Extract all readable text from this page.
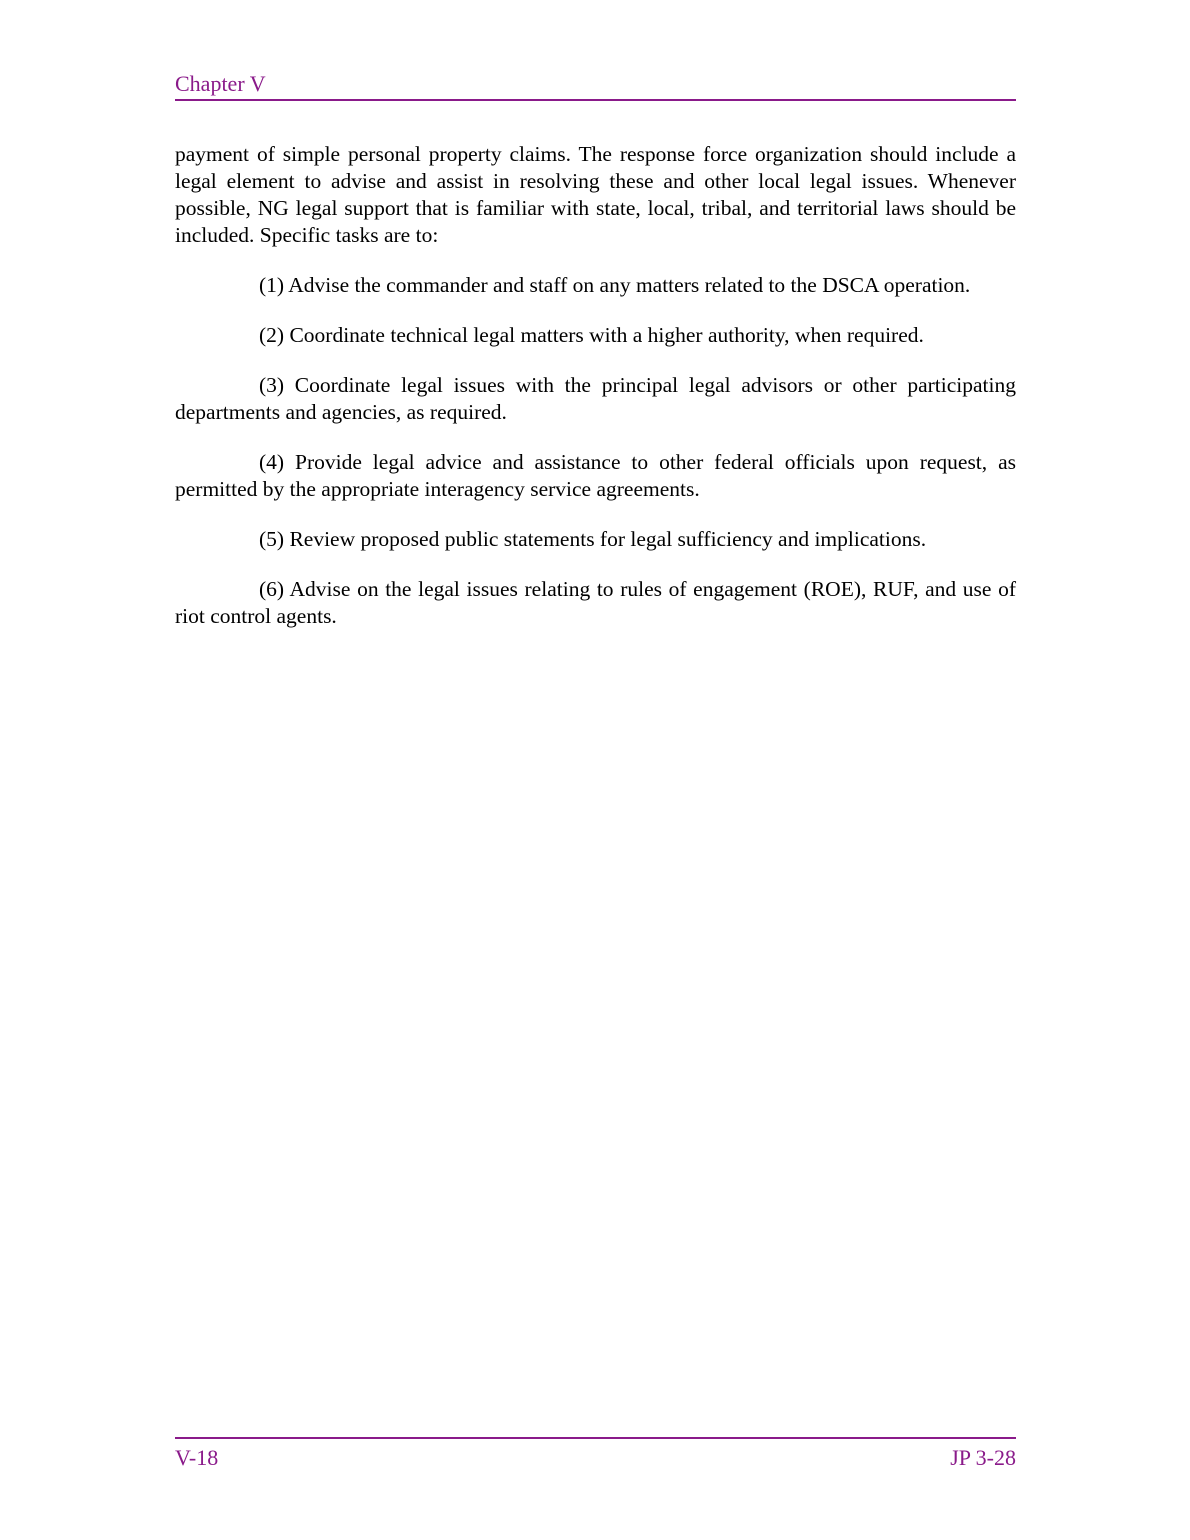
Chapter V

payment of simple personal property claims. The response force organization should include a legal element to advise and assist in resolving these and other local legal issues. Whenever possible, NG legal support that is familiar with state, local, tribal, and territorial laws should be included. Specific tasks are to:

(1) Advise the commander and staff on any matters related to the DSCA operation.

(2) Coordinate technical legal matters with a higher authority, when required.

(3) Coordinate legal issues with the principal legal advisors or other participating departments and agencies, as required.

(4) Provide legal advice and assistance to other federal officials upon request, as permitted by the appropriate interagency service agreements.

(5) Review proposed public statements for legal sufficiency and implications.

(6) Advise on the legal issues relating to rules of engagement (ROE), RUF, and use of riot control agents.

V-18	JP 3-28
